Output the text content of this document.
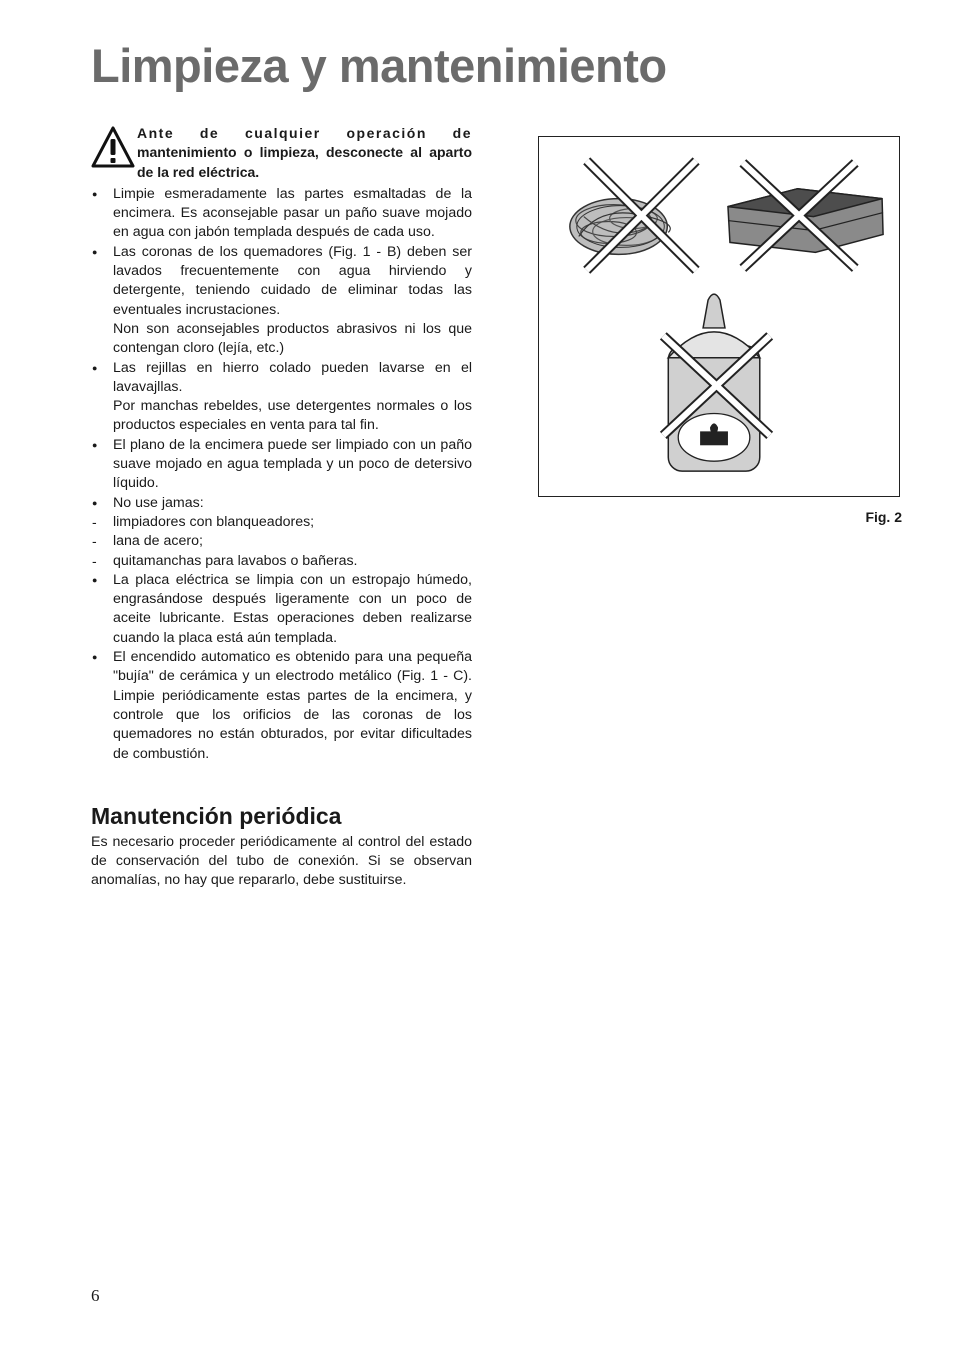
Limpieza y mantenimiento
Ante de cualquier operación de
mantenimiento o limpieza, desconecte al aparto de la red eléctrica.

● Limpie esmeradamente las partes esmaltadas de la encimera. Es aconsejable pasar un paño suave mojado en agua con jabón templada después de cada uso.

● Las coronas de los quemadores (Fig. 1 - B) deben ser lavados frecuentemente con agua hirviendo y detergente, teniendo cuidado de eliminar todas las eventuales incrustaciones.

Non son aconsejables productos abrasivos ni los que contengan cloro (lejía, etc.)

● Las rejillas en hierro colado pueden lavarse en el lavavajllas.

Por manchas rebeldes, use detergentes normales o los productos especiales en venta para tal fin.

● El plano de la encimera puede ser limpiado con un paño suave mojado en agua templada y un poco de detersivo líquido.

● No use jamas:

- limpiadores con blanqueadores;

- lana de acero;

- quitamanchas para lavabos o bañeras.

● La placa eléctrica se limpia con un estropajo húmedo, engrasándose después ligeramente con un poco de aceite lubricante. Estas operaciones deben realizarse cuando la placa está aún templada.

● El encendido automatico es obtenido para una pequeña "bujía" de cerámica y un electrodo metálico (Fig. 1 - C). Limpie periódicamente estas partes de la encimera, y controle que los orificios de las coronas de los quemadores no están obturados, por evitar dificultades de combustión.

Manutención periódica

Es necesario proceder periódicamente al control del estado de conservación del tubo de conexión. Si se observan anomalías, no hay que repararlo, debe sustituirse.

Fig. 2
6
